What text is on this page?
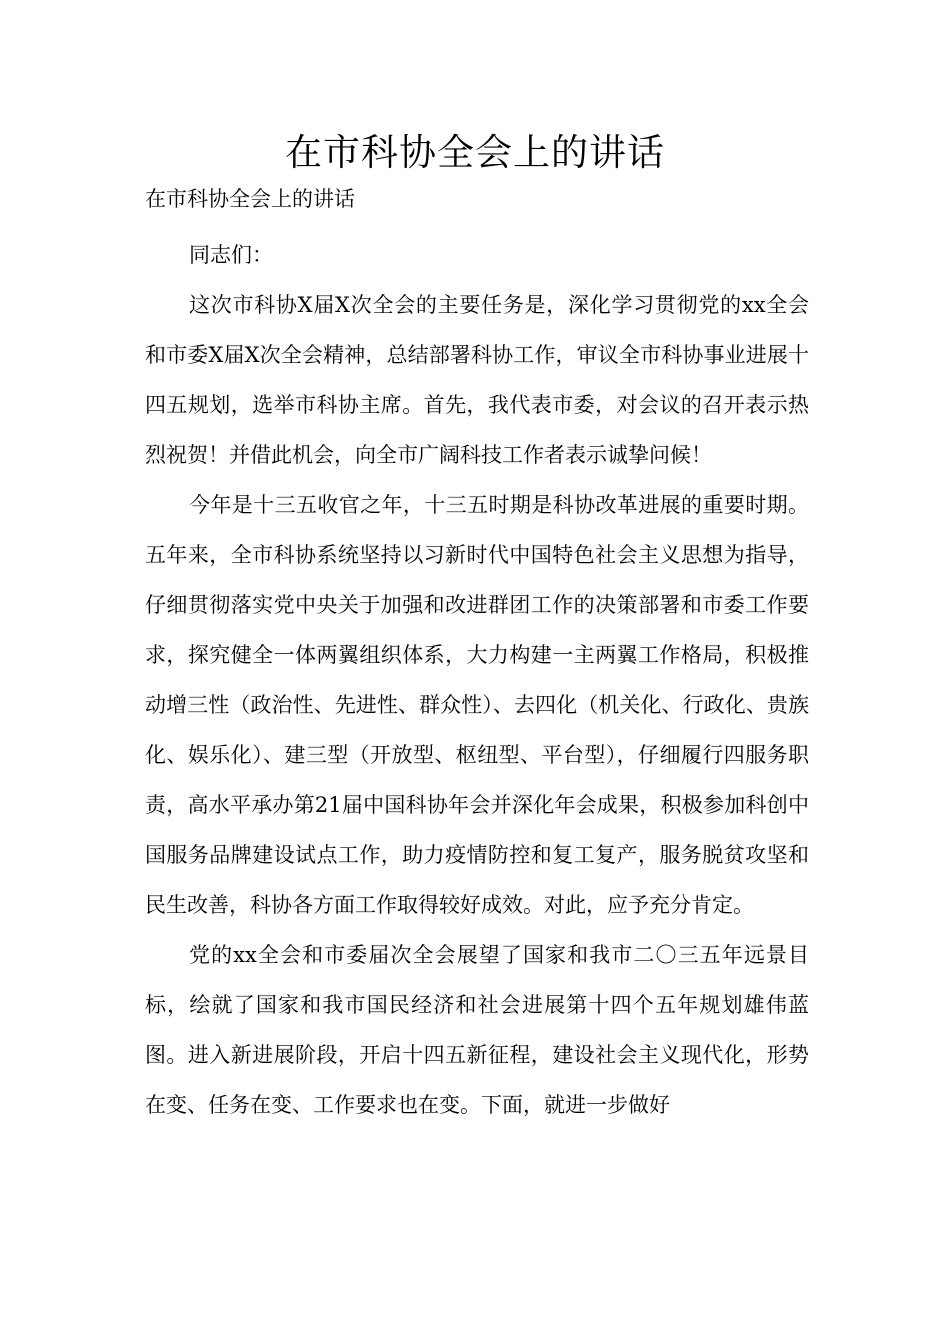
在市科协全会上的讲话
在市科协全会上的讲话

同志们：

这次市科协X届X次全会的主要任务是，深化学习贯彻党的xx全会和市委X届X次全会精神，总结部署科协工作，审议全市科协事业进展十四五规划，选举市科协主席。首先，我代表市委，对会议的召开表示热烈祝贺！并借此机会，向全市广阔科技工作者表示诚挚问候！

今年是十三五收官之年，十三五时期是科协改革进展的重要时期。五年来，全市科协系统坚持以习新时代中国特色社会主义思想为指导，仔细贯彻落实党中央关于加强和改进群团工作的决策部署和市委工作要求，探究健全一体两翼组织体系，大力构建一主两翼工作格局，积极推动增三性（政治性、先进性、群众性）、去四化（机关化、行政化、贵族化、娱乐化）、建三型（开放型、枢纽型、平台型），仔细履行四服务职责，高水平承办第21届中国科协年会并深化年会成果，积极参加科创中国服务品牌建设试点工作，助力疫情防控和复工复产，服务脱贫攻坚和民生改善，科协各方面工作取得较好成效。对此，应予充分肯定。

党的xx全会和市委届次全会展望了国家和我市二〇三五年远景目标，绘就了国家和我市国民经济和社会进展第十四个五年规划雄伟蓝图。进入新进展阶段，开启十四五新征程，建设社会主义现代化，形势在变、任务在变、工作要求也在变。下面，就进一步做好
